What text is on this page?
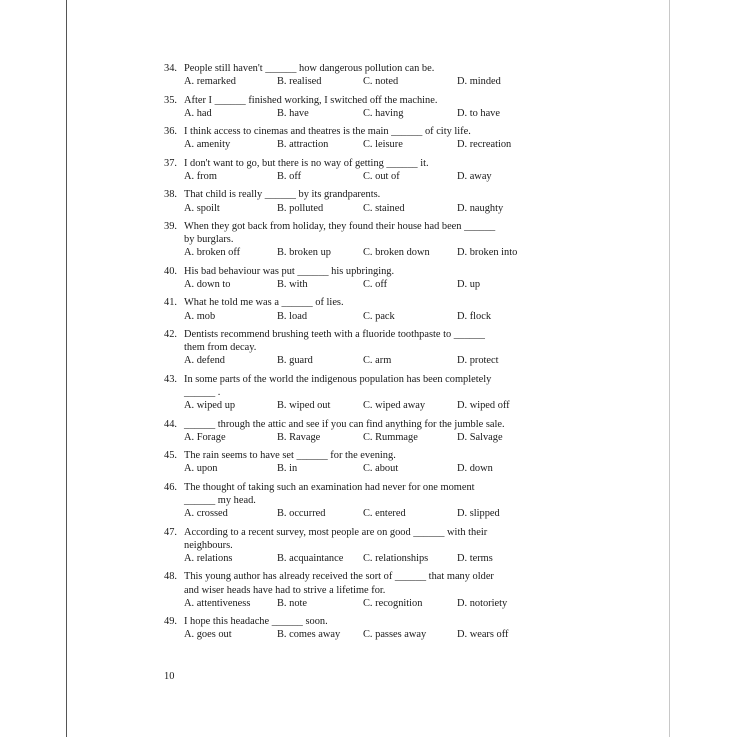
34. People still haven't ______ how dangerous pollution can be.
A. remarked	B. realised	C. noted	D. minded
35. After I ______ finished working, I switched off the machine.
A. had	B. have	C. having	D. to have
36. I think access to cinemas and theatres is the main ______ of city life.
A. amenity	B. attraction	C. leisure	D. recreation
37. I don't want to go, but there is no way of getting ______ it.
A. from	B. off	C. out of	D. away
38. That child is really ______ by its grandparents.
A. spoilt	B. polluted	C. stained	D. naughty
39. When they got back from holiday, they found their house had been ______
by burglars.
A. broken off	B. broken up	C. broken down	D. broken into
40. His bad behaviour was put ______ his upbringing.
A. down to	B. with	C. off	D. up
41. What he told me was a ______ of lies.
A. mob	B. load	C. pack	D. flock
42. Dentists recommend brushing teeth with a fluoride toothpaste to ______
them from decay.
A. defend	B. guard	C. arm	D. protect
43. In some parts of the world the indigenous population has been completely
______ .
A. wiped up	B. wiped out	C. wiped away	D. wiped off
44. ______ through the attic and see if you can find anything for the jumble sale.
A. Forage	B. Ravage	C. Rummage	D. Salvage
45. The rain seems to have set ______ for the evening.
A. upon	B. in	C. about	D. down
46. The thought of taking such an examination had never for one moment
______ my head.
A. crossed	B. occurred	C. entered	D. slipped
47. According to a recent survey, most people are on good ______ with their
neighbours.
A. relations	B. acquaintance	C. relationships	D. terms
48. This young author has already received the sort of ______ that many older
and wiser heads have had to strive a lifetime for.
A. attentiveness	B. note	C. recognition	D. notoriety
49. I hope this headache ______ soon.
A. goes out	B. comes away	C. passes away	D. wears off
10
